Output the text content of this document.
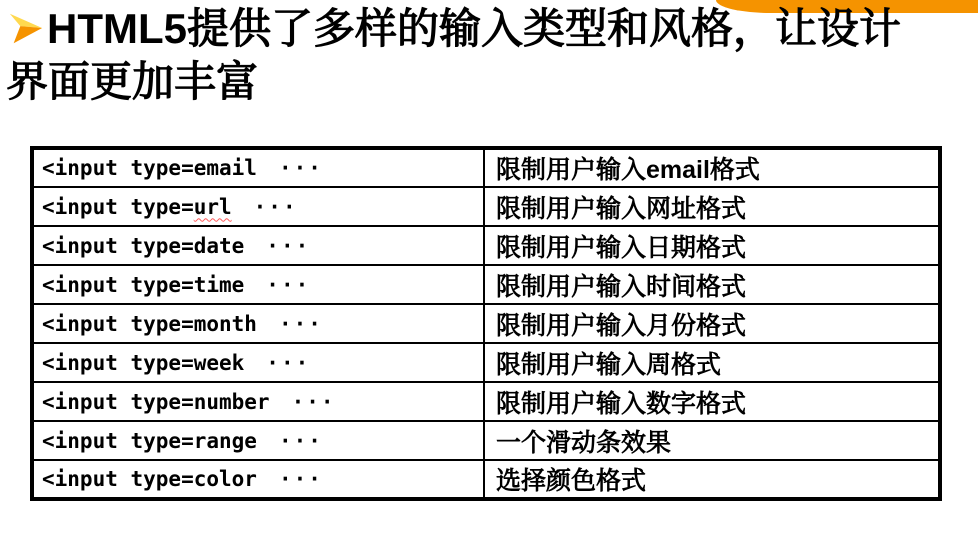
HTML5提供了多样的输入类型和风格，让设计
界面更加丰富
<input type=email ···	限制用户输入email格式
<input type=url ···	限制用户输入网址格式
<input type=date ···	限制用户输入日期格式
<input type=time ···	限制用户输入时间格式
<input type=month ···	限制用户输入月份格式
<input type=week ···	限制用户输入周格式
<input type=number ···	限制用户输入数字格式
<input type=range ···	一个滑动条效果
<input type=color ···	选择颜色格式
